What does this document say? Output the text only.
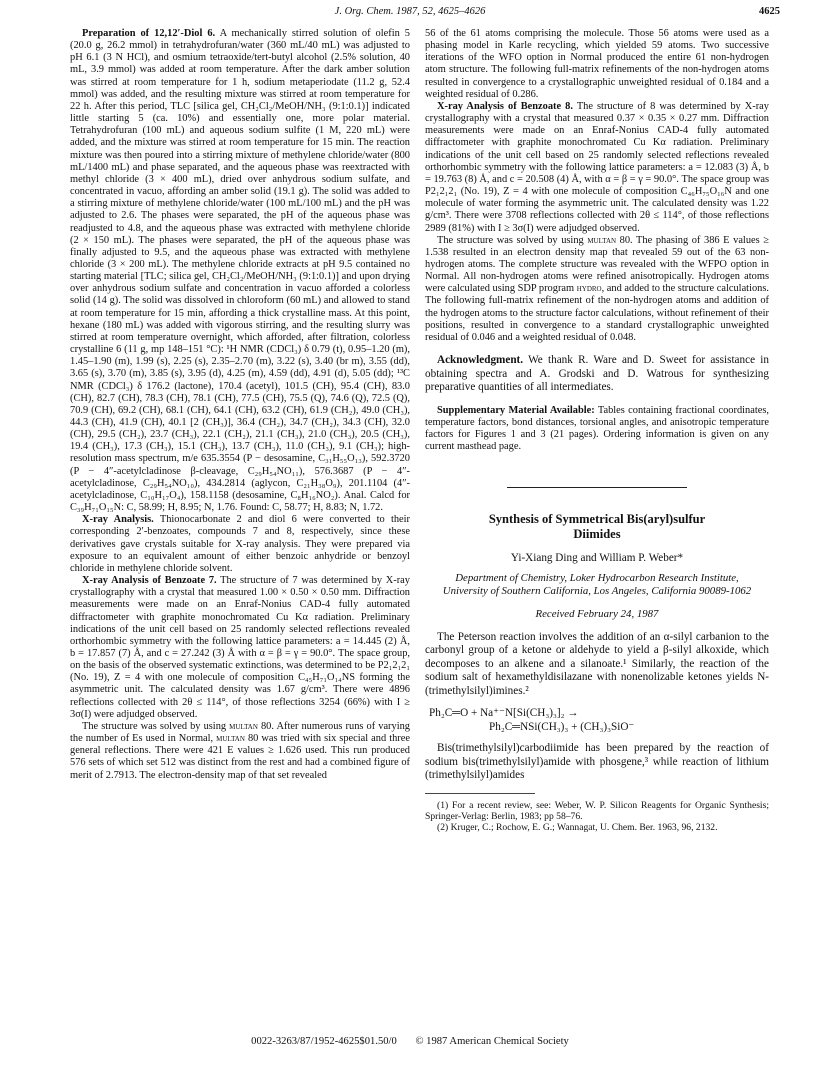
J. Org. Chem. 1987, 52, 4625–4626	4625

Preparation of 12,12′-Diol 6. A mechanically stirred solution of olefin 5 (20.0 g, 26.2 mmol) in tetrahydrofuran/water (360 mL/40 mL) was adjusted to pH 6.1 (3 N HCl), and osmium tetraoxide/tert-butyl alcohol (2.5% solution, 40 mL, 3.9 mmol) was added at room temperature. After the dark amber solution was stirred at room temperature for 1 h, sodium metaperiodate (11.2 g, 52.4 mmol) was added, and the resulting mixture was stirred at room temperature for 22 h. After this period, TLC [silica gel, CH₂Cl₂/MeOH/NH₃ (9:1:0.1)] indicated little starting 5 (ca. 10%) and essentially one, more polar material. Tetrahydrofuran (100 mL) and aqueous sodium sulfite (1 M, 220 mL) were added, and the mixture was stirred at room temperature for 15 min. The reaction mixture was then poured into a stirring mixture of methylene chloride/water (800 mL/1400 mL) and phase separated, and the aqueous phase was reextracted with methyl chloride (3 × 400 mL), dried over anhydrous sodium sulfate, and concentrated in vacuo, affording an amber solid (19.1 g). The solid was added to a stirring mixture of methylene chloride/water (100 mL/100 mL) and the pH was adjusted to 2.6. The phases were separated, the pH of the aqueous phase was readjusted to 4.8, and the aqueous phase was extracted with methylene chloride (2 × 150 mL). The phases were separated, the pH of the aqueous phase was finally adjusted to 9.5, and the aqueous phase was extracted with methylene chloride (3 × 200 mL). The methylene chloride extracts at pH 9.5 contained no starting material [TLC; silica gel, CH₂Cl₂/MeOH/NH₃ (9:1:0.1)] and upon drying over anhydrous sodium sulfate and concentration in vacuo afforded a colorless solid (14 g). The solid was dissolved in chloroform (60 mL) and allowed to stand at room temperature for 15 min, affording a thick crystalline mass. At this point, hexane (180 mL) was added with vigorous stirring, and the resulting slurry was stirred at room temperature overnight, which afforded, after filtration, colorless crystalline 6 (11 g, mp 148–151 °C): ¹H NMR (CDCl₃) δ 0.79 (t), 0.95–1.20 (m), 1.45–1.90 (m), 1.99 (s), 2.25 (s), 2.35–2.70 (m), 3.22 (s), 3.40 (br m), 3.55 (dd), 3.65 (s), 3.70 (m), 3.85 (s), 3.95 (d), 4.25 (m), 4.59 (dd), 4.91 (d), 5.05 (dd); ¹³C NMR (CDCl₃) δ 176.2 (lactone), 170.4 (acetyl), 101.5 (CH), 95.4 (CH), 83.0 (CH), 82.7 (CH), 78.3 (CH), 78.1 (CH), 77.5 (CH), 75.5 (Q), 74.6 (Q), 72.5 (Q), 70.9 (CH), 69.2 (CH), 68.1 (CH), 64.1 (CH), 63.2 (CH), 61.9 (CH₂), 49.0 (CH₃), 44.3 (CH), 41.9 (CH), 40.1 [2 (CH₃)], 36.4 (CH₂), 34.7 (CH₂), 34.3 (CH), 32.0 (CH), 29.5 (CH₂), 23.7 (CH₃), 22.1 (CH₂), 21.1 (CH₃), 21.0 (CH₃), 20.5 (CH₃), 19.4 (CH₃), 17.3 (CH₃), 15.1 (CH₃), 13.7 (CH₃), 11.0 (CH₃), 9.1 (CH₃); high-resolution mass spectrum, m/e 635.3554 (P − desosamine, C₃₁H₅₅O₁₃), 592.3720 (P − 4″-acetylcladinose β-cleavage, C₂₉H₅₄NO₁₁), 576.3687 (P − 4″-acetylcladinose, C₂₉H₅₄NO₁₀), 434.2814 (aglycon, C₂₁H₃₈O₉), 201.1104 (4″-acetylcladinose, C₁₀H₁₇O₄), 158.1158 (desosamine, C₈H₁₆NO₂). Anal. Calcd for C₃₉H₇₁O₁₅N: C, 58.99; H, 8.95; N, 1.76. Found: C, 58.77; H, 8.83; N, 1.72.

X-ray Analysis. Thionocarbonate 2 and diol 6 were converted to their corresponding 2′-benzoates, compounds 7 and 8, respectively, since these derivatives gave crystals suitable for X-ray analysis. They were prepared via exposure to an equivalent amount of either benzoic anhydride or benzoyl chloride in methylene chloride solvent.

X-ray Analysis of Benzoate 7. The structure of 7 was determined by X-ray crystallography with a crystal that measured 1.00 × 0.50 × 0.50 mm. Diffraction measurements were made on an Enraf-Nonius CAD-4 fully automated diffractometer with graphite monochromated Cu Kα radiation. Preliminary indications of the unit cell based on 25 randomly selected reflections revealed orthorhombic symmetry with the following lattice parameters: a = 14.445 (2) Å, b = 17.857 (7) Å, and c = 27.242 (3) Å with α = β = γ = 90.0°. The space group, on the basis of the observed systematic extinctions, was determined to be P2₁2₁2₁ (No. 19), Z = 4 with one molecule of composition C₄₅H₇₁O₁₄NS forming the asymmetric unit. The calculated density was 1.67 g/cm³. There were 4896 reflections collected with 2θ ≤ 114°, of those reflections 3254 (66%) with I ≥ 3σ(I) were adjudged observed.

The structure was solved by using multan 80. After numerous runs of varying the number of Es used in Normal, multan 80 was tried with six special and three general reflections. There were 421 E values ≥ 1.626 used. This run produced 576 sets of which set 512 was distinct from the rest and had a combined figure of merit of 2.7913. The electron-density map of that set revealed

56 of the 61 atoms comprising the molecule. Those 56 atoms were used as a phasing model in Karle recycling, which yielded 59 atoms. Two successive iterations of the WFO option in Normal produced the entire 61 non-hydrogen atom structure. The following full-matrix refinements of the non-hydrogen atoms resulted in convergence to a crystallographic unweighted residual of 0.184 and a weighted residual of 0.286.

X-ray Analysis of Benzoate 8. The structure of 8 was determined by X-ray crystallography with a crystal that measured 0.37 × 0.35 × 0.27 mm. Diffraction measurements were made on an Enraf-Nonius CAD-4 fully automated diffractometer with graphite monochromated Cu Kα radiation. Preliminary indications of the unit cell based on 25 randomly selected reflections revealed orthorhombic symmetry with the following lattice parameters: a = 12.083 (3) Å, b = 19.763 (8) Å, and c = 20.508 (4) Å, with α = β = γ = 90.0°. The space group was P2₁2₁2₁ (No. 19), Z = 4 with one molecule of composition C₄₆H₇₅O₁₆N and one molecule of water forming the asymmetric unit. The calculated density was 1.22 g/cm³. There were 3708 reflections collected with 2θ ≤ 114°, of those reflections 2989 (81%) with I ≥ 3σ(I) were adjudged observed.

The structure was solved by using multan 80. The phasing of 386 E values ≥ 1.538 resulted in an electron density map that revealed 59 out of the 63 non-hydrogen atoms. The complete structure was revealed with the WFPO option in Normal. All non-hydrogen atoms were refined anisotropically. Hydrogen atoms were calculated using SDP program hydro, and added to the structure calculations. The following full-matrix refinement of the non-hydrogen atoms and addition of the hydrogen atoms to the structure factor calculations, without refinement of their positions, resulted in convergence to a standard crystallographic unweighted residual of 0.046 and a weighted residual of 0.048.

Acknowledgment. We thank R. Ware and D. Sweet for assistance in obtaining spectra and A. Grodski and D. Watrous for synthesizing preparative quantities of all intermediates.

Supplementary Material Available: Tables containing fractional coordinates, temperature factors, bond distances, torsional angles, and anisotropic temperature factors for Figures 1 and 3 (21 pages). Ordering information is given on any current masthead page.

Synthesis of Symmetrical Bis(aryl)sulfur Diimides
Yi-Xiang Ding and William P. Weber*
Department of Chemistry, Loker Hydrocarbon Research Institute, University of Southern California, Los Angeles, California 90089-1062
Received February 24, 1987

The Peterson reaction involves the addition of an α-silyl carbanion to the carbonyl group of a ketone or aldehyde to yield a β-silyl alkoxide, which decomposes to an alkene and a silanoate.¹ Similarly, the reaction of the sodium salt of hexamethyldisilazane with nonenolizable ketones yields N-(trimethylsilyl)imines.²

Ph₂C═O + Na⁺⁻N[Si(CH₃)₃]₂ →
Ph₂C═NSi(CH₃)₃ + (CH₃)₃SiO⁻

Bis(trimethylsilyl)carbodiimide has been prepared by the reaction of sodium bis(trimethylsilyl)amide with phosgene,³ while reaction of lithium (trimethylsilyl)amides

(1) For a recent review, see: Weber, W. P. Silicon Reagents for Organic Synthesis; Springer-Verlag: Berlin, 1983; pp 58–76.

(2) Kruger, C.; Rochow, E. G.; Wannagat, U. Chem. Ber. 1963, 96, 2132.

0022-3263/87/1952-4625$01.50/0 © 1987 American Chemical Society
